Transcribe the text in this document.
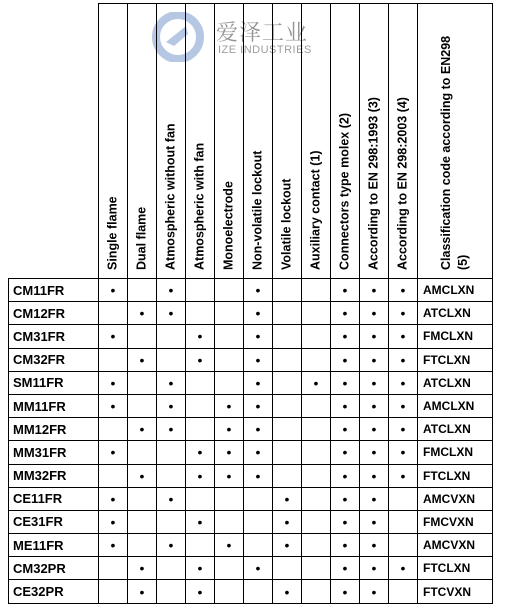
爱泽工业
IZE INDUSTRIES

	Single flame	Dual flame	Atmospheric without fan	Atmospheric with fan	Monoelectrode	Non-volatile lockout	Volatile lockout	Auxiliary contact (1)	Connectors type molex (2)	According to EN 298:1993 (3)	According to EN 298:2003 (4)	Classification code according to EN298 (5)

CM11FR	•		•			•			•	•	•	AMCLXN
CM12FR		•	•			•			•	•	•	ATCLXN
CM31FR	•			•		•			•	•	•	FMCLXN
CM32FR		•		•		•			•	•	•	FTCLXN
SM11FR	•		•			•		•	•	•	•	ATCLXN
MM11FR	•		•		•	•			•	•	•	AMCLXN
MM12FR		•	•		•	•			•	•	•	ATCLXN
MM31FR	•			•	•	•			•	•	•	FMCLXN
MM32FR		•		•	•	•			•	•	•	FTCLXN
CE11FR	•		•				•		•	•		AMCVXN
CE31FR	•			•			•		•	•		FMCVXN
ME11FR	•		•		•		•		•	•		AMCVXN
CM32PR		•		•		•			•	•	•	FTCLXN
CE32PR		•		•			•		•	•		FTCVXN
